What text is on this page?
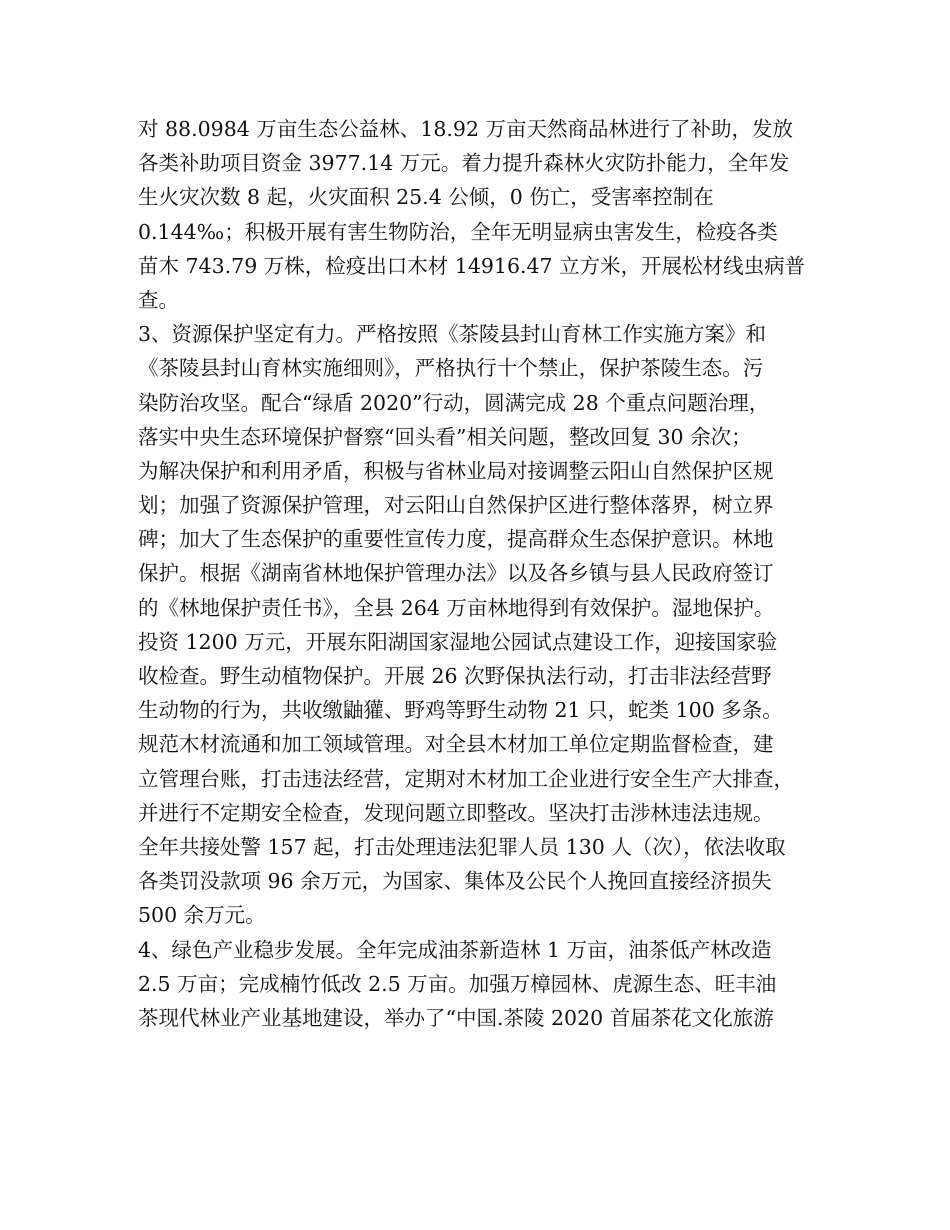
对 88.0984 万亩生态公益林、18.92 万亩天然商品林进行了补助，发放
各类补助项目资金 3977.14 万元。着力提升森林火灾防扑能力，全年发
生火灾次数 8 起，火灾面积 25.4 公倾，0 伤亡，受害率控制在
0.144‰；积极开展有害生物防治，全年无明显病虫害发生，检疫各类
苗木 743.79 万株，检疫出口木材 14916.47 立方米，开展松材线虫病普
查。
3、资源保护坚定有力。严格按照《茶陵县封山育林工作实施方案》和
《茶陵县封山育林实施细则》，严格执行十个禁止，保护茶陵生态。污
染防治攻坚。配合“绿盾 2020”行动，圆满完成 28 个重点问题治理，
落实中央生态环境保护督察“回头看”相关问题，整改回复 30 余次；
为解决保护和利用矛盾，积极与省林业局对接调整云阳山自然保护区规
划；加强了资源保护管理，对云阳山自然保护区进行整体落界，树立界
碑；加大了生态保护的重要性宣传力度，提高群众生态保护意识。林地
保护。根据《湖南省林地保护管理办法》以及各乡镇与县人民政府签订
的《林地保护责任书》，全县 264 万亩林地得到有效保护。湿地保护。
投资 1200 万元，开展东阳湖国家湿地公园试点建设工作，迎接国家验
收检查。野生动植物保护。开展 26 次野保执法行动，打击非法经营野
生动物的行为，共收缴鼬獾、野鸡等野生动物 21 只，蛇类 100 多条。
规范木材流通和加工领域管理。对全县木材加工单位定期监督检查，建
立管理台账，打击违法经营，定期对木材加工企业进行安全生产大排查，
并进行不定期安全检查，发现问题立即整改。坚决打击涉林违法违规。
全年共接处警 157 起，打击处理违法犯罪人员 130 人（次），依法收取
各类罚没款项 96 余万元，为国家、集体及公民个人挽回直接经济损失
500 余万元。
4、绿色产业稳步发展。全年完成油茶新造林 1 万亩，油茶低产林改造
2.5 万亩；完成楠竹低改 2.5 万亩。加强万樟园林、虎源生态、旺丰油
茶现代林业产业基地建设，举办了“中国.茶陵 2020 首届茶花文化旅游
